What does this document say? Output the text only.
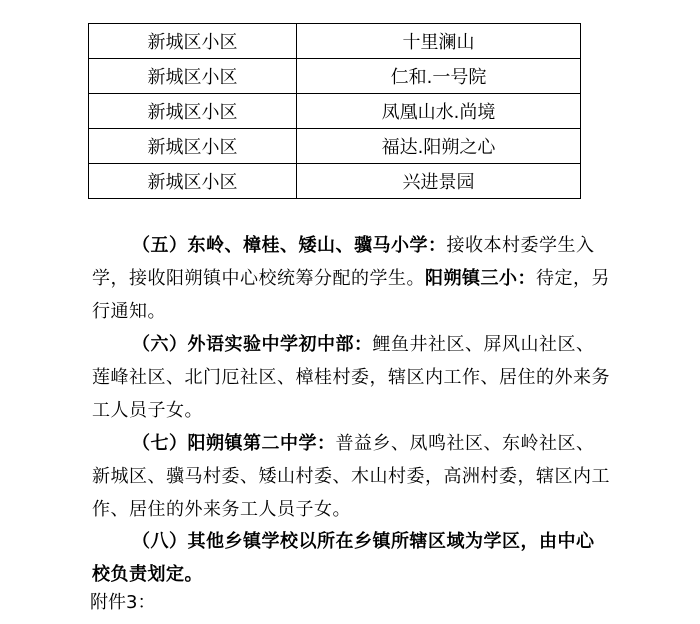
新城区小区	十里澜山
新城区小区	仁和.一号院
新城区小区	凤凰山水.尚境
新城区小区	福达.阳朔之心
新城区小区	兴进景园
（五）东岭、樟桂、矮山、骥马小学：接收本村委学生入
学，接收阳朔镇中心校统筹分配的学生。阳朔镇三小：待定，另
行通知。
（六）外语实验中学初中部：鲤鱼井社区、屏风山社区、
莲峰社区、北门厄社区、樟桂村委，辖区内工作、居住的外来务
工人员子女。
（七）阳朔镇第二中学：普益乡、凤鸣社区、东岭社区、
新城区、骥马村委、矮山村委、木山村委，高洲村委，辖区内工
作、居住的外来务工人员子女。
（八）其他乡镇学校以所在乡镇所辖区域为学区，由中心
校负责划定。
附件3：
